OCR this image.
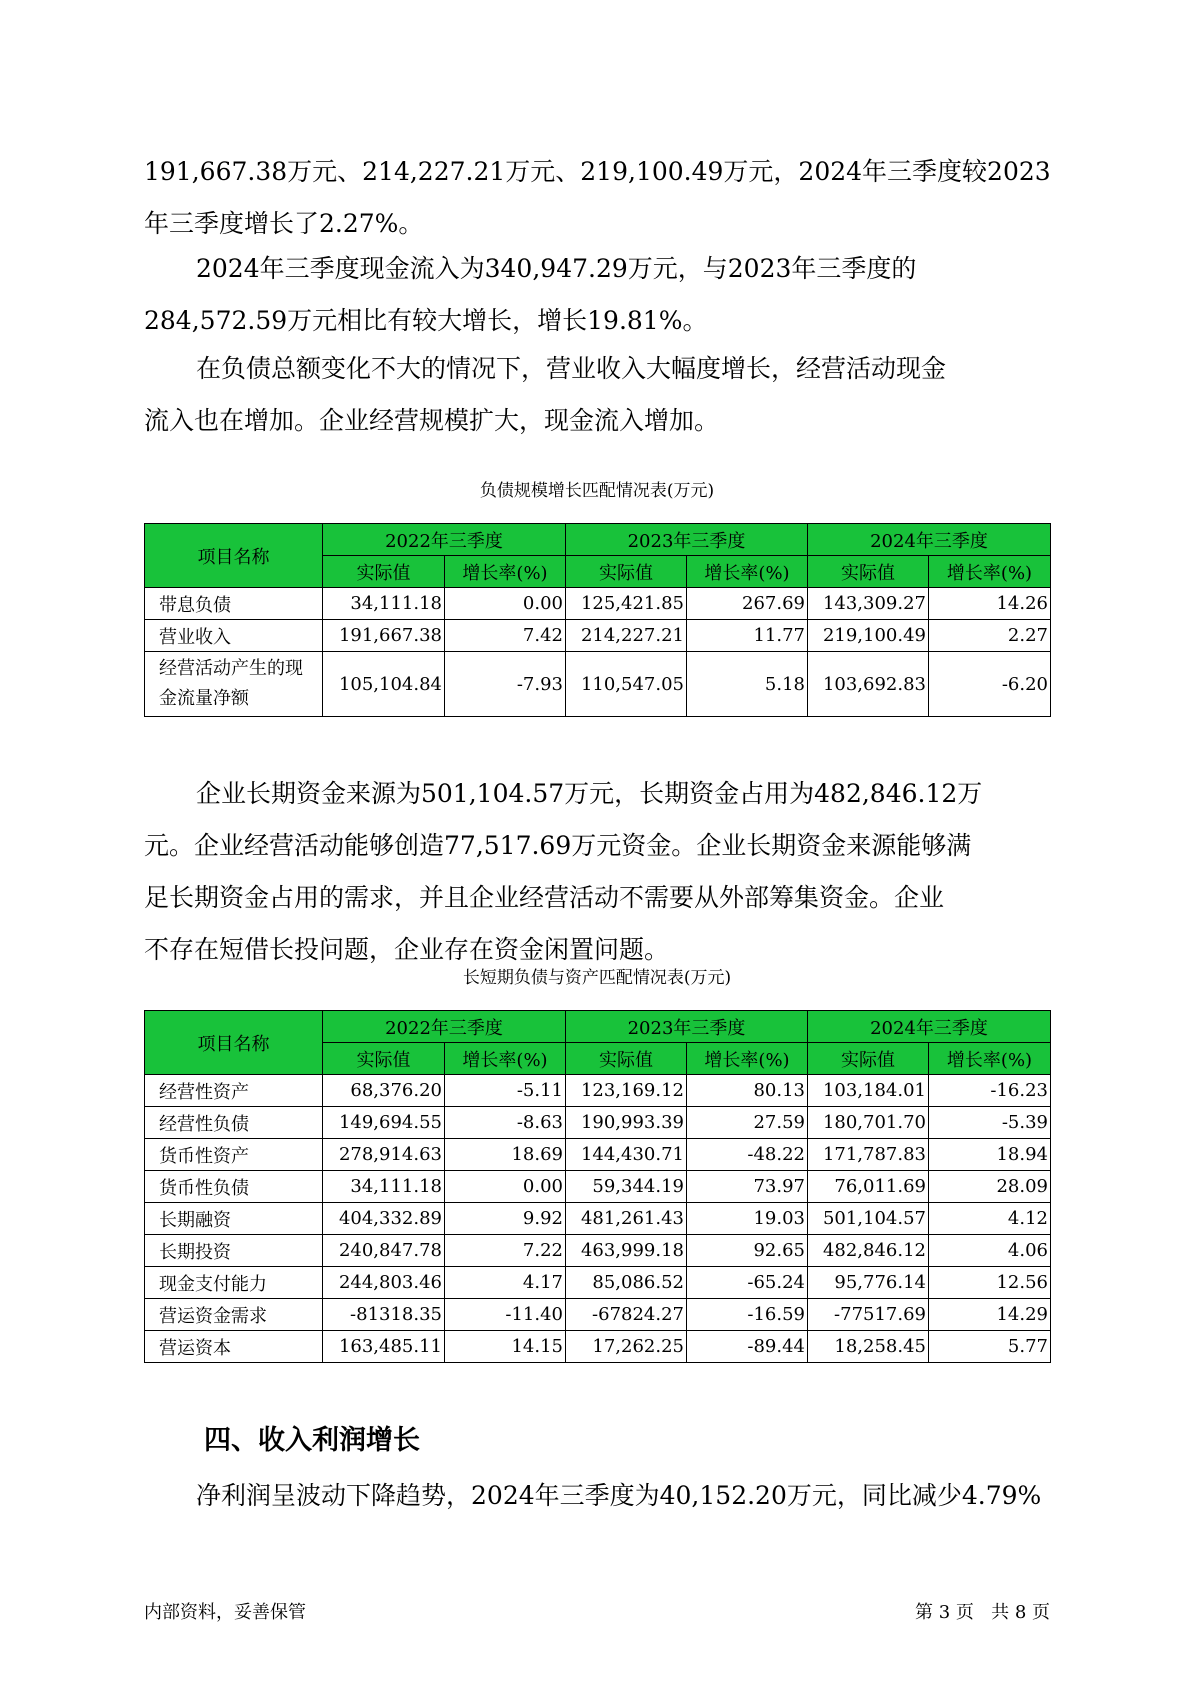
191,667.38万元、214,227.21万元、219,100.49万元，2024年三季度较2023
年三季度增长了2.27%。

2024年三季度现金流入为340,947.29万元，与2023年三季度的
284,572.59万元相比有较大增长，增长19.81%。

在负债总额变化不大的情况下，营业收入大幅度增长，经营活动现金
流入也在增加。企业经营规模扩大，现金流入增加。

负债规模增长匹配情况表(万元)

项目名称	2022年三季度		2023年三季度		2024年三季度	
	实际值	增长率(%)	实际值	增长率(%)	实际值	增长率(%)
带息负债	34,111.18	0.00	125,421.85	267.69	143,309.27	14.26
营业收入	191,667.38	7.42	214,227.21	11.77	219,100.49	2.27
经营活动产生的现金流量净额	105,104.84	-7.93	110,547.05	5.18	103,692.83	-6.20

企业长期资金来源为501,104.57万元，长期资金占用为482,846.12万
元。企业经营活动能够创造77,517.69万元资金。企业长期资金来源能够满
足长期资金占用的需求，并且企业经营活动不需要从外部筹集资金。企业
不存在短借长投问题，企业存在资金闲置问题。

长短期负债与资产匹配情况表(万元)

项目名称	2022年三季度		2023年三季度		2024年三季度	
	实际值	增长率(%)	实际值	增长率(%)	实际值	增长率(%)
经营性资产	68,376.20	-5.11	123,169.12	80.13	103,184.01	-16.23
经营性负债	149,694.55	-8.63	190,993.39	27.59	180,701.70	-5.39
货币性资产	278,914.63	18.69	144,430.71	-48.22	171,787.83	18.94
货币性负债	34,111.18	0.00	59,344.19	73.97	76,011.69	28.09
长期融资	404,332.89	9.92	481,261.43	19.03	501,104.57	4.12
长期投资	240,847.78	7.22	463,999.18	92.65	482,846.12	4.06
现金支付能力	244,803.46	4.17	85,086.52	-65.24	95,776.14	12.56
营运资金需求	-81318.35	-11.40	-67824.27	-16.59	-77517.69	14.29
营运资本	163,485.11	14.15	17,262.25	-89.44	18,258.45	5.77
四、收入利润增长

净利润呈波动下降趋势，2024年三季度为40,152.20万元，同比减少4.79%

内部资料，妥善保管	第 3 页   共 8 页
